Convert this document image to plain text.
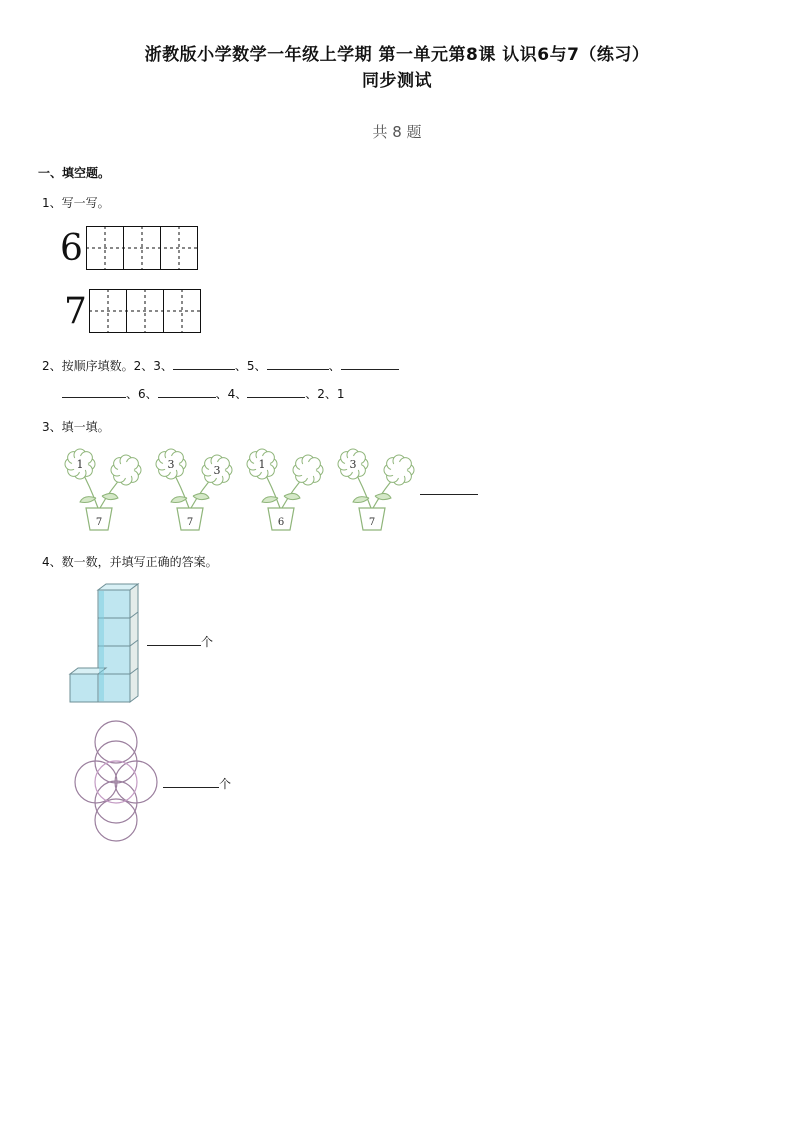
浙教版小学数学一年级上学期 第一单元第8课 认识6与7（练习）
同步测试
共 8 题
一、填空题。
1、写一写。
6
7
2、按顺序填数。2、3、	、5、	、
、6、	、4、	、2、1
3、填一填。
1
7
3	3
7
1
6
3
7
4、数一数，并填写正确的答案。
个
个
